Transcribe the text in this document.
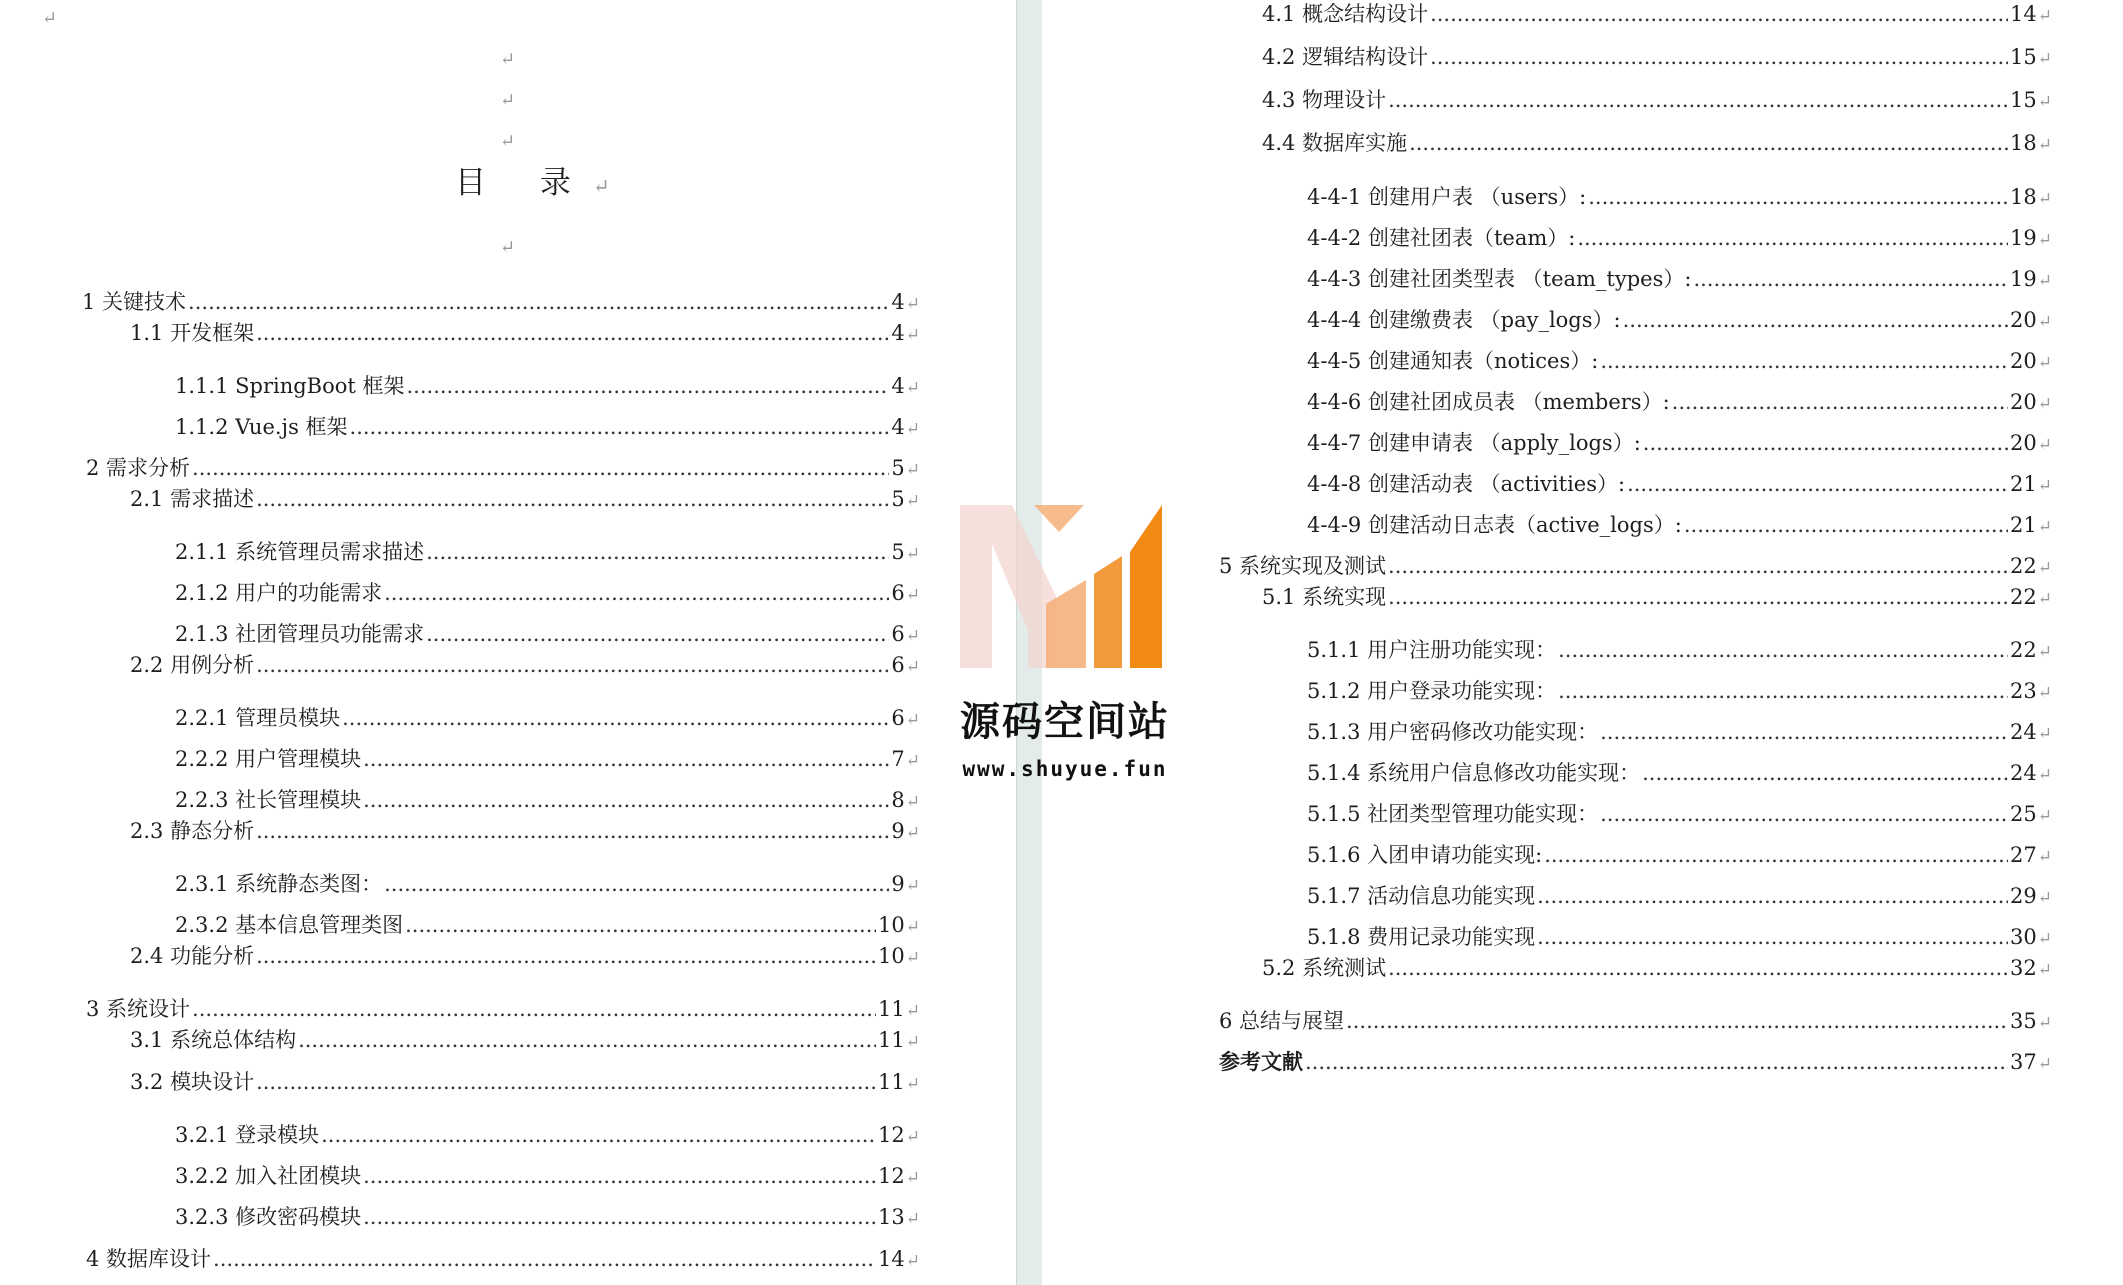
↵
↵
↵
↵
目 录↵
↵
1 关键技术 .....	4 ↵
1.1 开发框架 .....	4 ↵
1.1.1 SpringBoot 框架 .....	4 ↵
1.1.2 Vue.js 框架 .....	4 ↵
2 需求分析 .....	5 ↵
2.1 需求描述 .....	5 ↵
2.1.1 系统管理员需求描述 .....	5 ↵
2.1.2 用户的功能需求 .....	6 ↵
2.1.3 社团管理员功能需求 .....	6 ↵
2.2 用例分析 .....	6 ↵
2.2.1 管理员模块 .....	6 ↵
2.2.2 用户管理模块 .....	7 ↵
2.2.3 社长管理模块 .....	8 ↵
2.3 静态分析 .....	9 ↵
2.3.1 系统静态类图： .....	9 ↵
2.3.2 基本信息管理类图 .....	10 ↵
2.4 功能分析 .....	10 ↵
3 系统设计 .....	11 ↵
3.1 系统总体结构 .....	11 ↵
3.2 模块设计 .....	11 ↵
3.2.1 登录模块 .....	12 ↵
3.2.2 加入社团模块 .....	12 ↵
3.2.3 修改密码模块 .....	13 ↵
4 数据库设计 .....	14 ↵
4.1 概念结构设计 .....	14 ↵
4.2 逻辑结构设计 .....	15 ↵
4.3 物理设计 .....	15 ↵
4.4 数据库实施 .....	18 ↵
4-4-1 创建用户表 （users）: .....	18 ↵
4-4-2 创建社团表（team）: .....	19 ↵
4-4-3 创建社团类型表 （team_types）: .....	19 ↵
4-4-4 创建缴费表 （pay_logs）: .....	20 ↵
4-4-5 创建通知表（notices）: .....	20 ↵
4-4-6 创建社团成员表 （members）: .....	20 ↵
4-4-7 创建申请表 （apply_logs）: .....	20 ↵
4-4-8 创建活动表 （activities）: .....	21 ↵
4-4-9 创建活动日志表（active_logs）: .....	21 ↵
5 系统实现及测试 .....	22 ↵
5.1 系统实现 .....	22 ↵
5.1.1 用户注册功能实现： .....	22 ↵
5.1.2 用户登录功能实现： .....	23 ↵
5.1.3 用户密码修改功能实现： .....	24 ↵
5.1.4 系统用户信息修改功能实现： .....	24 ↵
5.1.5 社团类型管理功能实现： .....	25 ↵
5.1.6 入团申请功能实现: .....	27 ↵
5.1.7 活动信息功能实现 .....	29 ↵
5.1.8 费用记录功能实现 .....	30 ↵
5.2 系统测试 .....	32 ↵
6 总结与展望 .....	35 ↵
参考文献 .....	37 ↵
源码空间站
www.shuyue.fun
